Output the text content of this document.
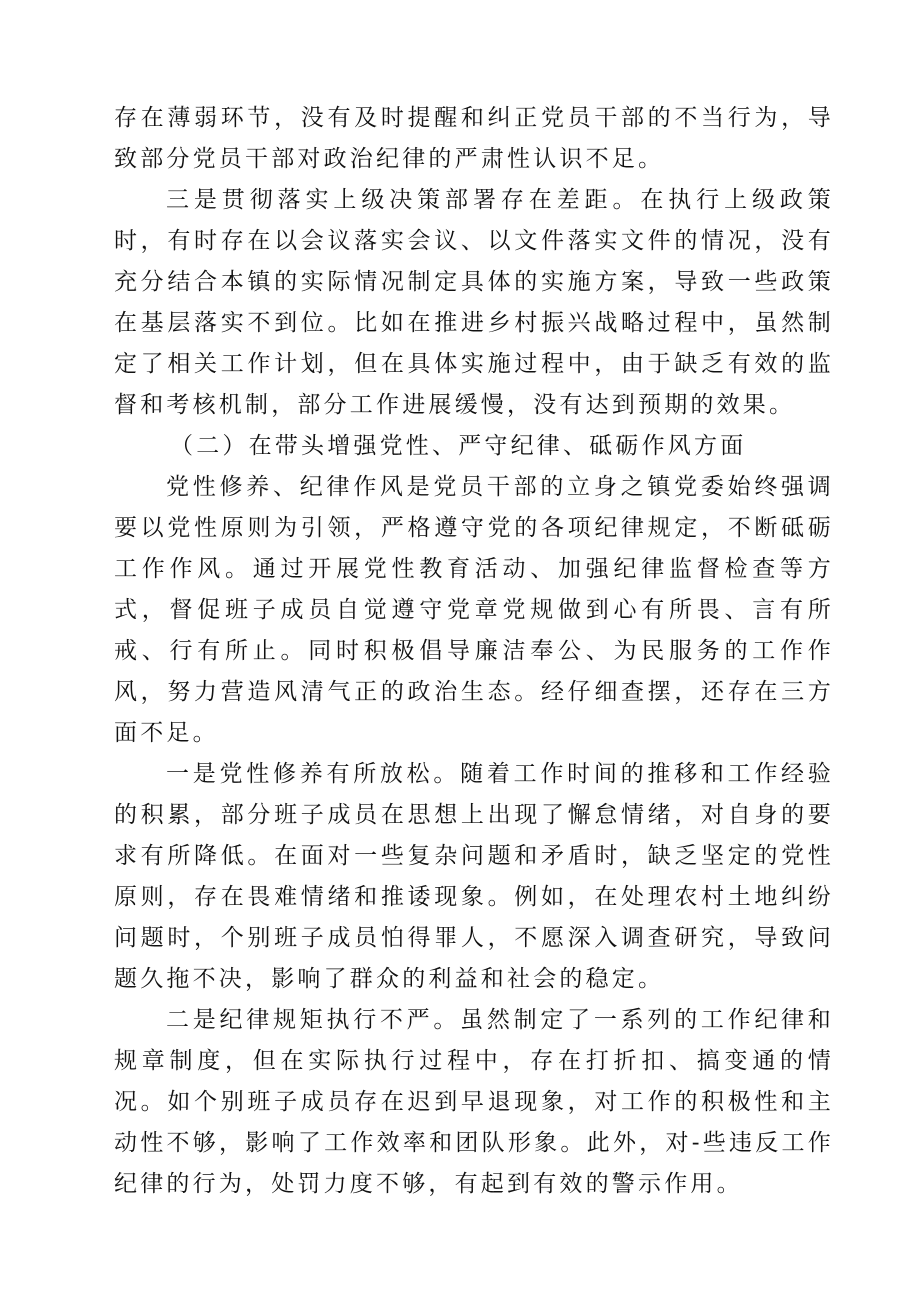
存在薄弱环节，没有及时提醒和纠正党员干部的不当行为，导致部分党员干部对政治纪律的严肃性认识不足。

三是贯彻落实上级决策部署存在差距。在执行上级政策时，有时存在以会议落实会议、以文件落实文件的情况，没有充分结合本镇的实际情况制定具体的实施方案，导致一些政策在基层落实不到位。比如在推进乡村振兴战略过程中，虽然制定了相关工作计划，但在具体实施过程中，由于缺乏有效的监督和考核机制，部分工作进展缓慢，没有达到预期的效果。

（二）在带头增强党性、严守纪律、砥砺作风方面

党性修养、纪律作风是党员干部的立身之镇党委始终强调要以党性原则为引领，严格遵守党的各项纪律规定，不断砥砺工作作风。通过开展党性教育活动、加强纪律监督检查等方式，督促班子成员自觉遵守党章党规做到心有所畏、言有所戒、行有所止。同时积极倡导廉洁奉公、为民服务的工作作风，努力营造风清气正的政治生态。经仔细查摆，还存在三方面不足。

一是党性修养有所放松。随着工作时间的推移和工作经验的积累，部分班子成员在思想上出现了懈怠情绪，对自身的要求有所降低。在面对一些复杂问题和矛盾时，缺乏坚定的党性原则，存在畏难情绪和推诿现象。例如，在处理农村土地纠纷问题时，个别班子成员怕得罪人，不愿深入调查研究，导致问题久拖不决，影响了群众的利益和社会的稳定。

二是纪律规矩执行不严。虽然制定了一系列的工作纪律和规章制度，但在实际执行过程中，存在打折扣、搞变通的情况。如个别班子成员存在迟到早退现象，对工作的积极性和主动性不够，影响了工作效率和团队形象。此外，对-些违反工作纪律的行为，处罚力度不够，有起到有效的警示作用。
